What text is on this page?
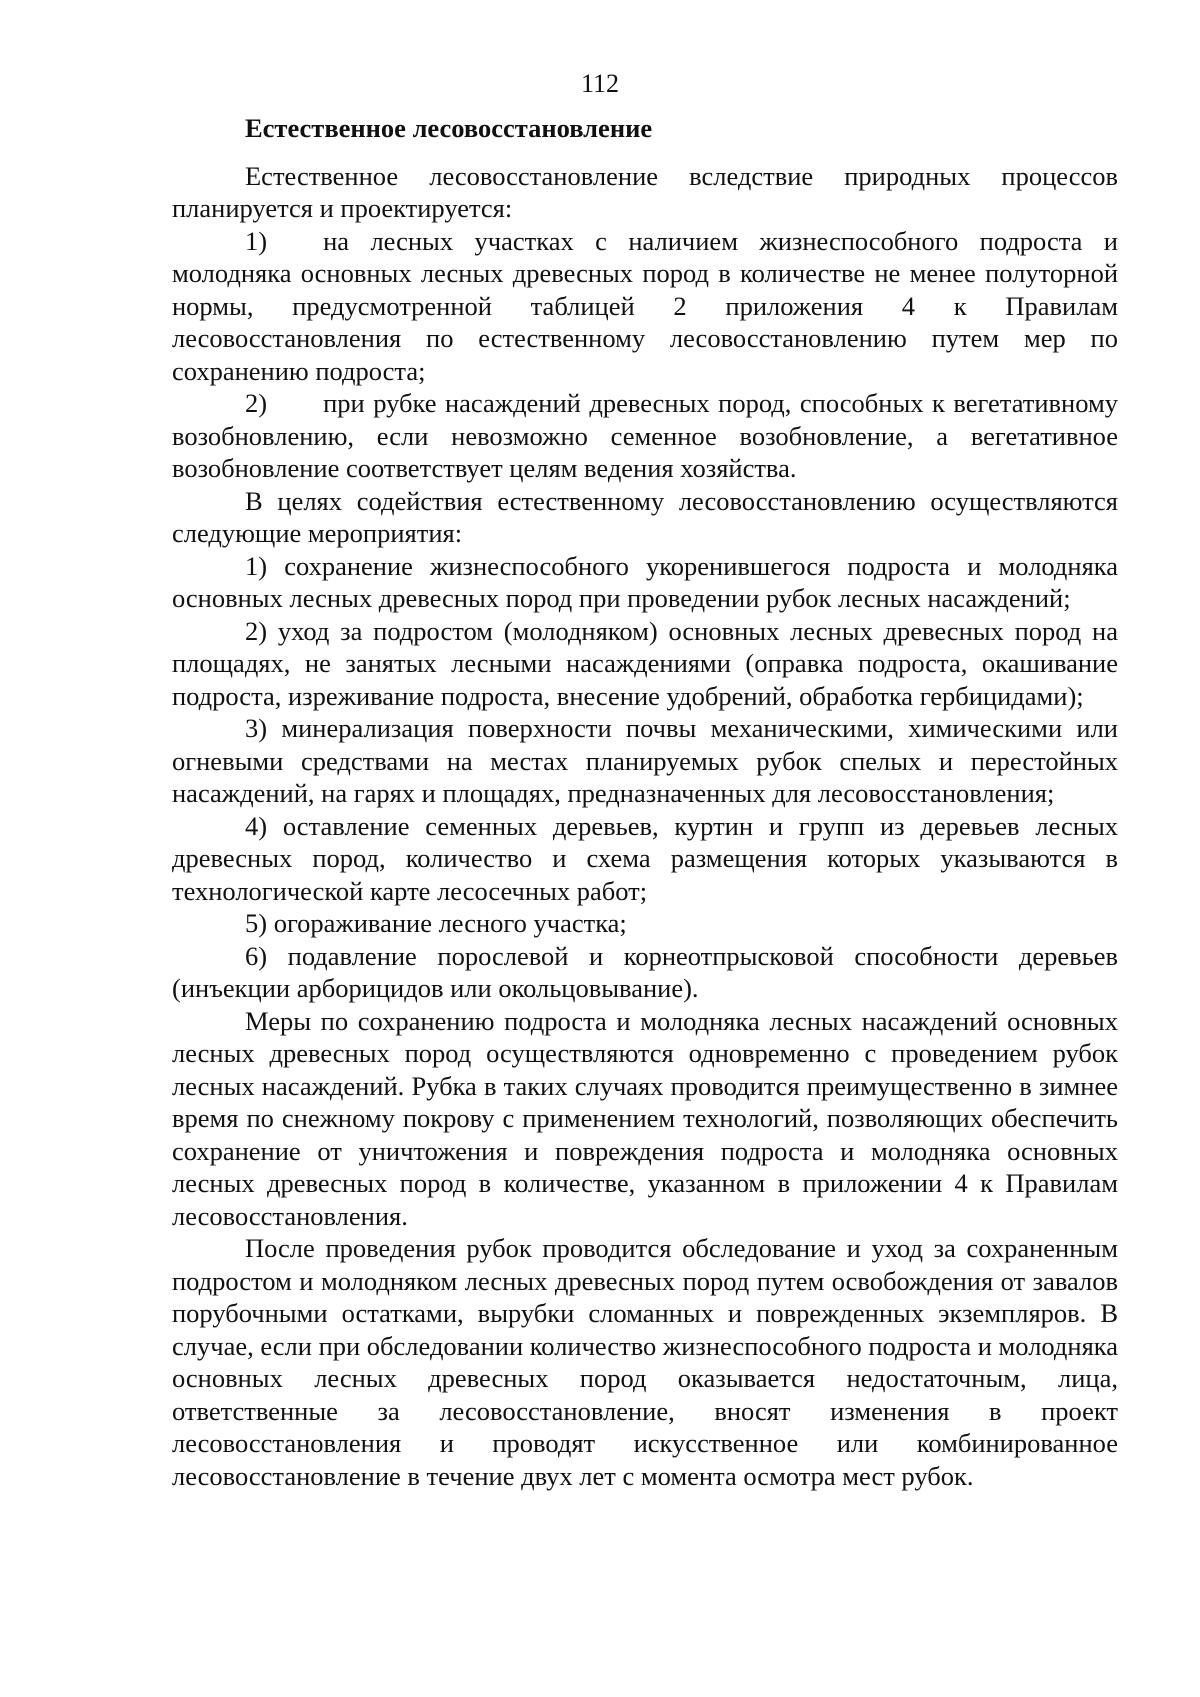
112

Естественное лесовосстановление

Естественное лесовосстановление вследствие природных процессов планируется и проектируется:

1) на лесных участках с наличием жизнеспособного подроста и молодняка основных лесных древесных пород в количестве не менее полуторной нормы, предусмотренной таблицей 2 приложения 4 к Правилам лесовосстановления по естественному лесовосстановлению путем мер по сохранению подроста;

2) при рубке насаждений древесных пород, способных к вегетативному возобновлению, если невозможно семенное возобновление, а вегетативное возобновление соответствует целям ведения хозяйства.

В целях содействия естественному лесовосстановлению осуществляются следующие мероприятия:

1) сохранение жизнеспособного укоренившегося подроста и молодняка основных лесных древесных пород при проведении рубок лесных насаждений;

2) уход за подростом (молодняком) основных лесных древесных пород на площадях, не занятых лесными насаждениями (оправка подроста, окашивание подроста, изреживание подроста, внесение удобрений, обработка гербицидами);

3) минерализация поверхности почвы механическими, химическими или огневыми средствами на местах планируемых рубок спелых и перестойных насаждений, на гарях и площадях, предназначенных для лесовосстановления;

4) оставление семенных деревьев, куртин и групп из деревьев лесных древесных пород, количество и схема размещения которых указываются в технологической карте лесосечных работ;

5) огораживание лесного участка;

6) подавление порослевой и корнеотпрысковой способности деревьев (инъекции арборицидов или окольцовывание).

Меры по сохранению подроста и молодняка лесных насаждений основных лесных древесных пород осуществляются одновременно с проведением рубок лесных насаждений. Рубка в таких случаях проводится преимущественно в зимнее время по снежному покрову с применением технологий, позволяющих обеспечить сохранение от уничтожения и повреждения подроста и молодняка основных лесных древесных пород в количестве, указанном в приложении 4 к Правилам лесовосстановления.

После проведения рубок проводится обследование и уход за сохраненным подростом и молодняком лесных древесных пород путем освобождения от завалов порубочными остатками, вырубки сломанных и поврежденных экземпляров. В случае, если при обследовании количество жизнеспособного подроста и молодняка основных лесных древесных пород оказывается недостаточным, лица, ответственные за лесовосстановление, вносят изменения в проект лесовосстановления и проводят искусственное или комбинированное лесовосстановление в течение двух лет с момента осмотра мест рубок.
